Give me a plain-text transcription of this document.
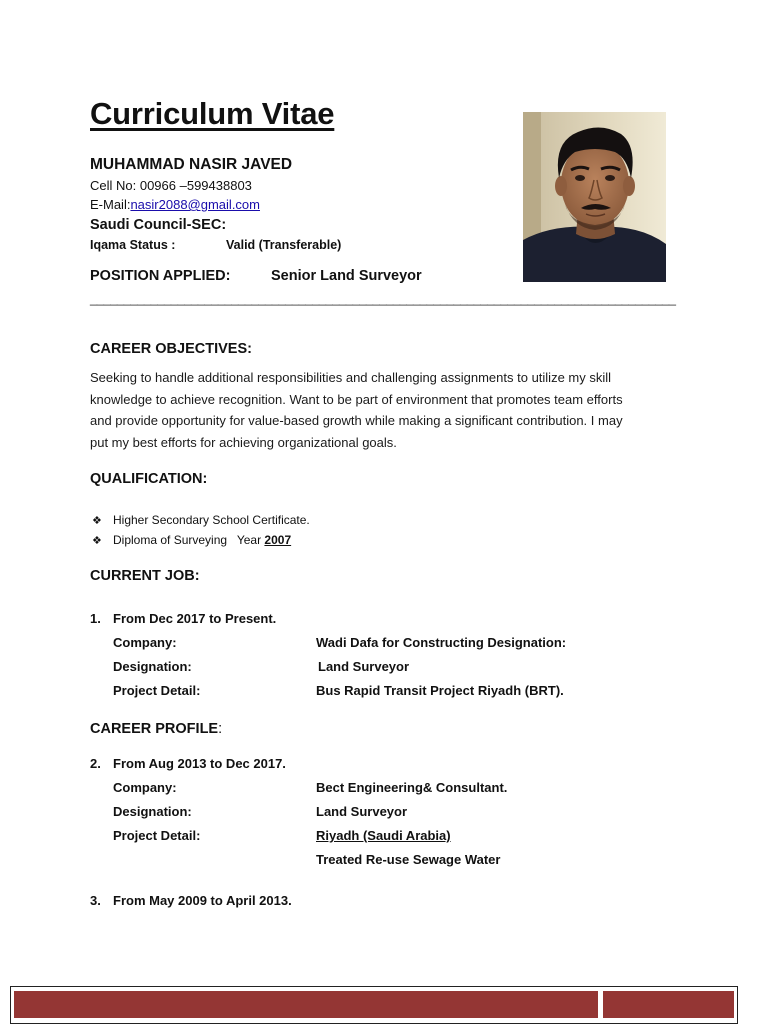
Curriculum Vitae
MUHAMMAD NASIR JAVED
Cell No: 00966 –599438803
E-Mail:nasir2088@gmail.com
Saudi Council-SEC:
Iqama Status :	Valid (Transferable)
POSITION APPLIED:	Senior Land Surveyor
_______________________________________________________________________________________
CAREER OBJECTIVES:
Seeking to handle additional responsibilities and challenging assignments to utilize my skill
knowledge to achieve recognition. Want to be part of environment that promotes team efforts
and provide opportunity for value-based growth while making a significant contribution. I may
put my best efforts for achieving organizational goals.
QUALIFICATION:
❖ Higher Secondary School Certificate.
❖ Diploma of Surveying   Year 2007
CURRENT JOB:
1. From Dec 2017 to Present.
Company:	Wadi Dafa for Constructing Designation:
Designation:	Land Surveyor
Project Detail:	Bus Rapid Transit Project Riyadh (BRT).
CAREER PROFILE:
2. From Aug 2013 to Dec 2017.
Company:	Bect Engineering& Consultant.
Designation:	Land Surveyor
Project Detail:	Riyadh (Saudi Arabia)
Treated Re-use Sewage Water
3. From May 2009 to April 2013.
